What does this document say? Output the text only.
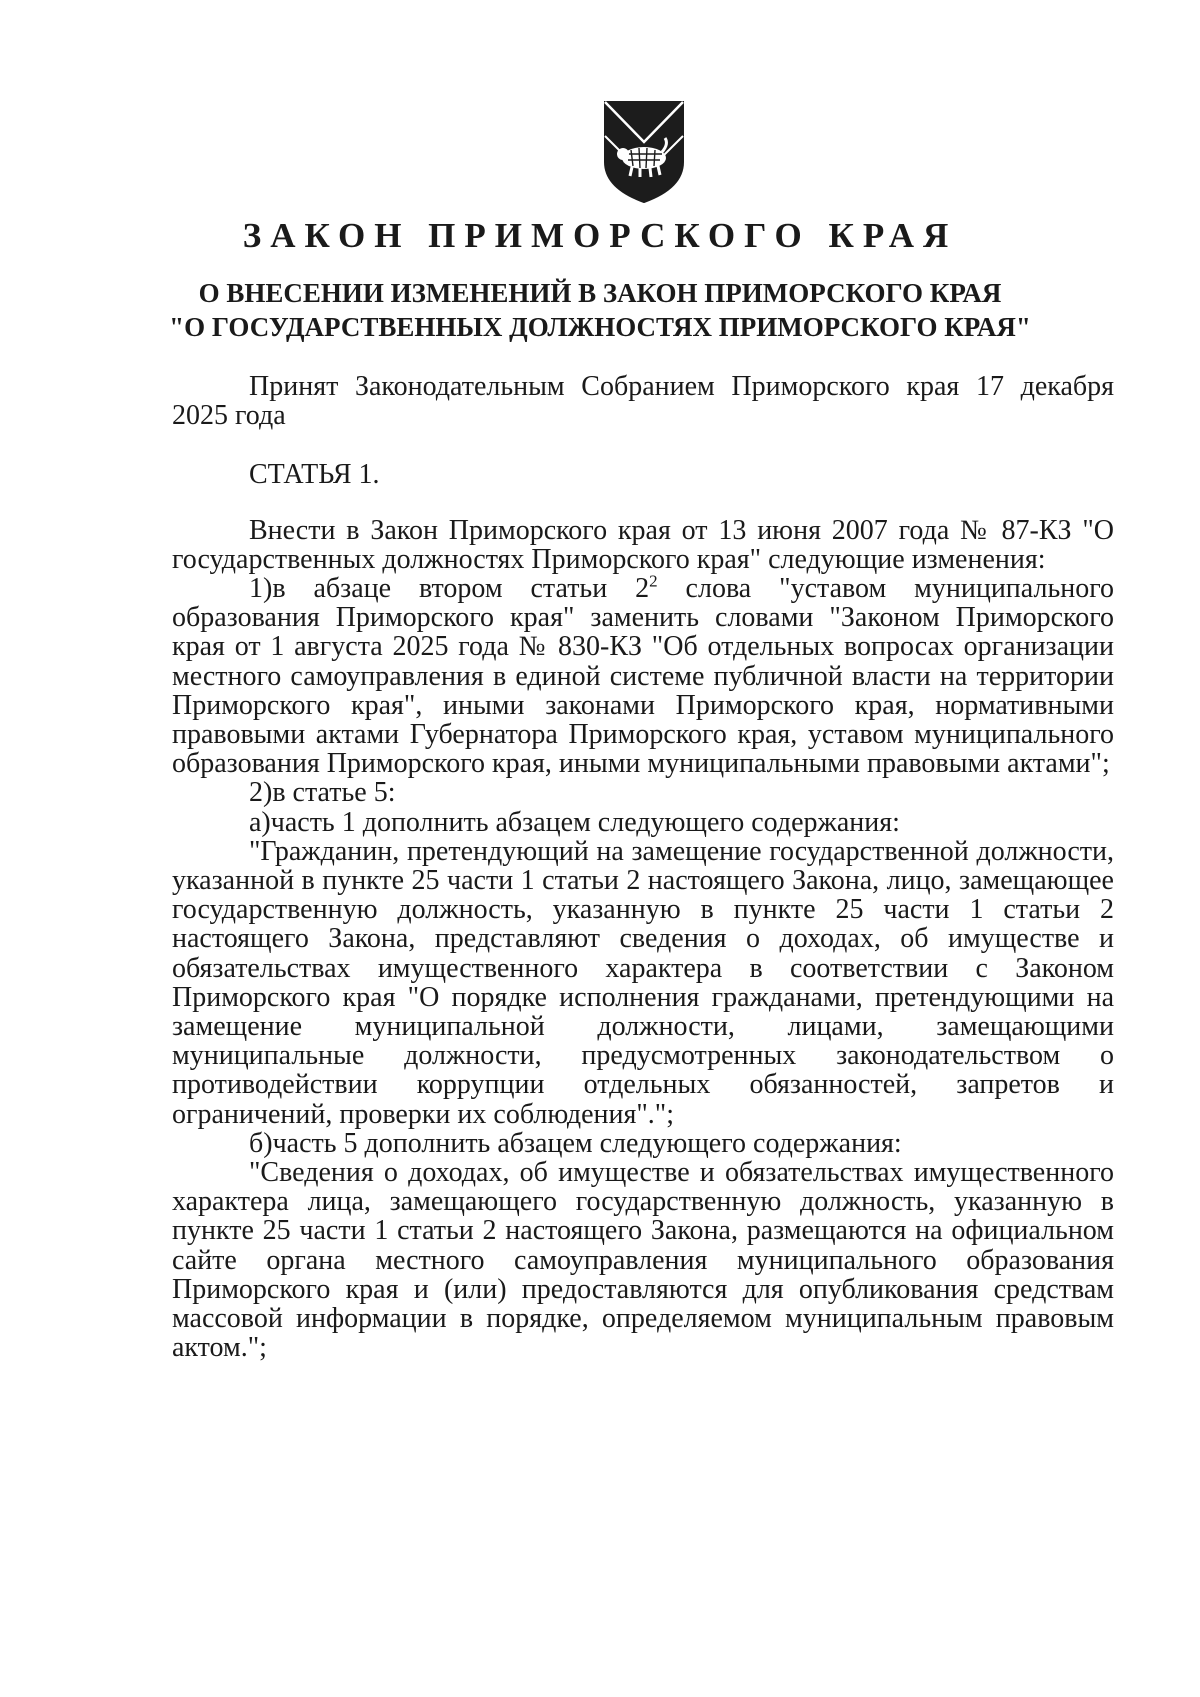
ЗАКОН ПРИМОРСКОГО КРАЯ
О ВНЕСЕНИИ ИЗМЕНЕНИЙ В ЗАКОН ПРИМОРСКОГО КРАЯ
"О ГОСУДАРСТВЕННЫХ ДОЛЖНОСТЯХ ПРИМОРСКОГО КРАЯ"

Принят Законодательным Собранием Приморского края 17 декабря 2025 года

СТАТЬЯ 1.

Внести в Закон Приморского края от 13 июня 2007 года № 87-КЗ "О государственных должностях Приморского края" следующие изменения:

1)в абзаце втором статьи $2^2$ слова "уставом муниципального образования Приморского края" заменить словами "Законом Приморского края от 1 августа 2025 года № 830-КЗ "Об отдельных вопросах организации местного самоуправления в единой системе публичной власти на территории Приморского края", иными законами Приморского края, нормативными правовыми актами Губернатора Приморского края, уставом муниципального образования Приморского края, иными муниципальными правовыми актами";

2)в статье 5:

а)часть 1 дополнить абзацем следующего содержания:

"Гражданин, претендующий на замещение государственной должности, указанной в пункте 25 части 1 статьи 2 настоящего Закона, лицо, замещающее государственную должность, указанную в пункте 25 части 1 статьи 2 настоящего Закона, представляют сведения о доходах, об имуществе и обязательствах имущественного характера в соответствии с Законом Приморского края "О порядке исполнения гражданами, претендующими на замещение муниципальной должности, лицами, замещающими муниципальные должности, предусмотренных законодательством о противодействии коррупции отдельных обязанностей, запретов и ограничений, проверки их соблюдения".";

б)часть 5 дополнить абзацем следующего содержания:

"Сведения о доходах, об имуществе и обязательствах имущественного характера лица, замещающего государственную должность, указанную в пункте 25 части 1 статьи 2 настоящего Закона, размещаются на официальном сайте органа местного самоуправления муниципального образования Приморского края и (или) предоставляются для опубликования средствам массовой информации в порядке, определяемом муниципальным правовым актом.";
